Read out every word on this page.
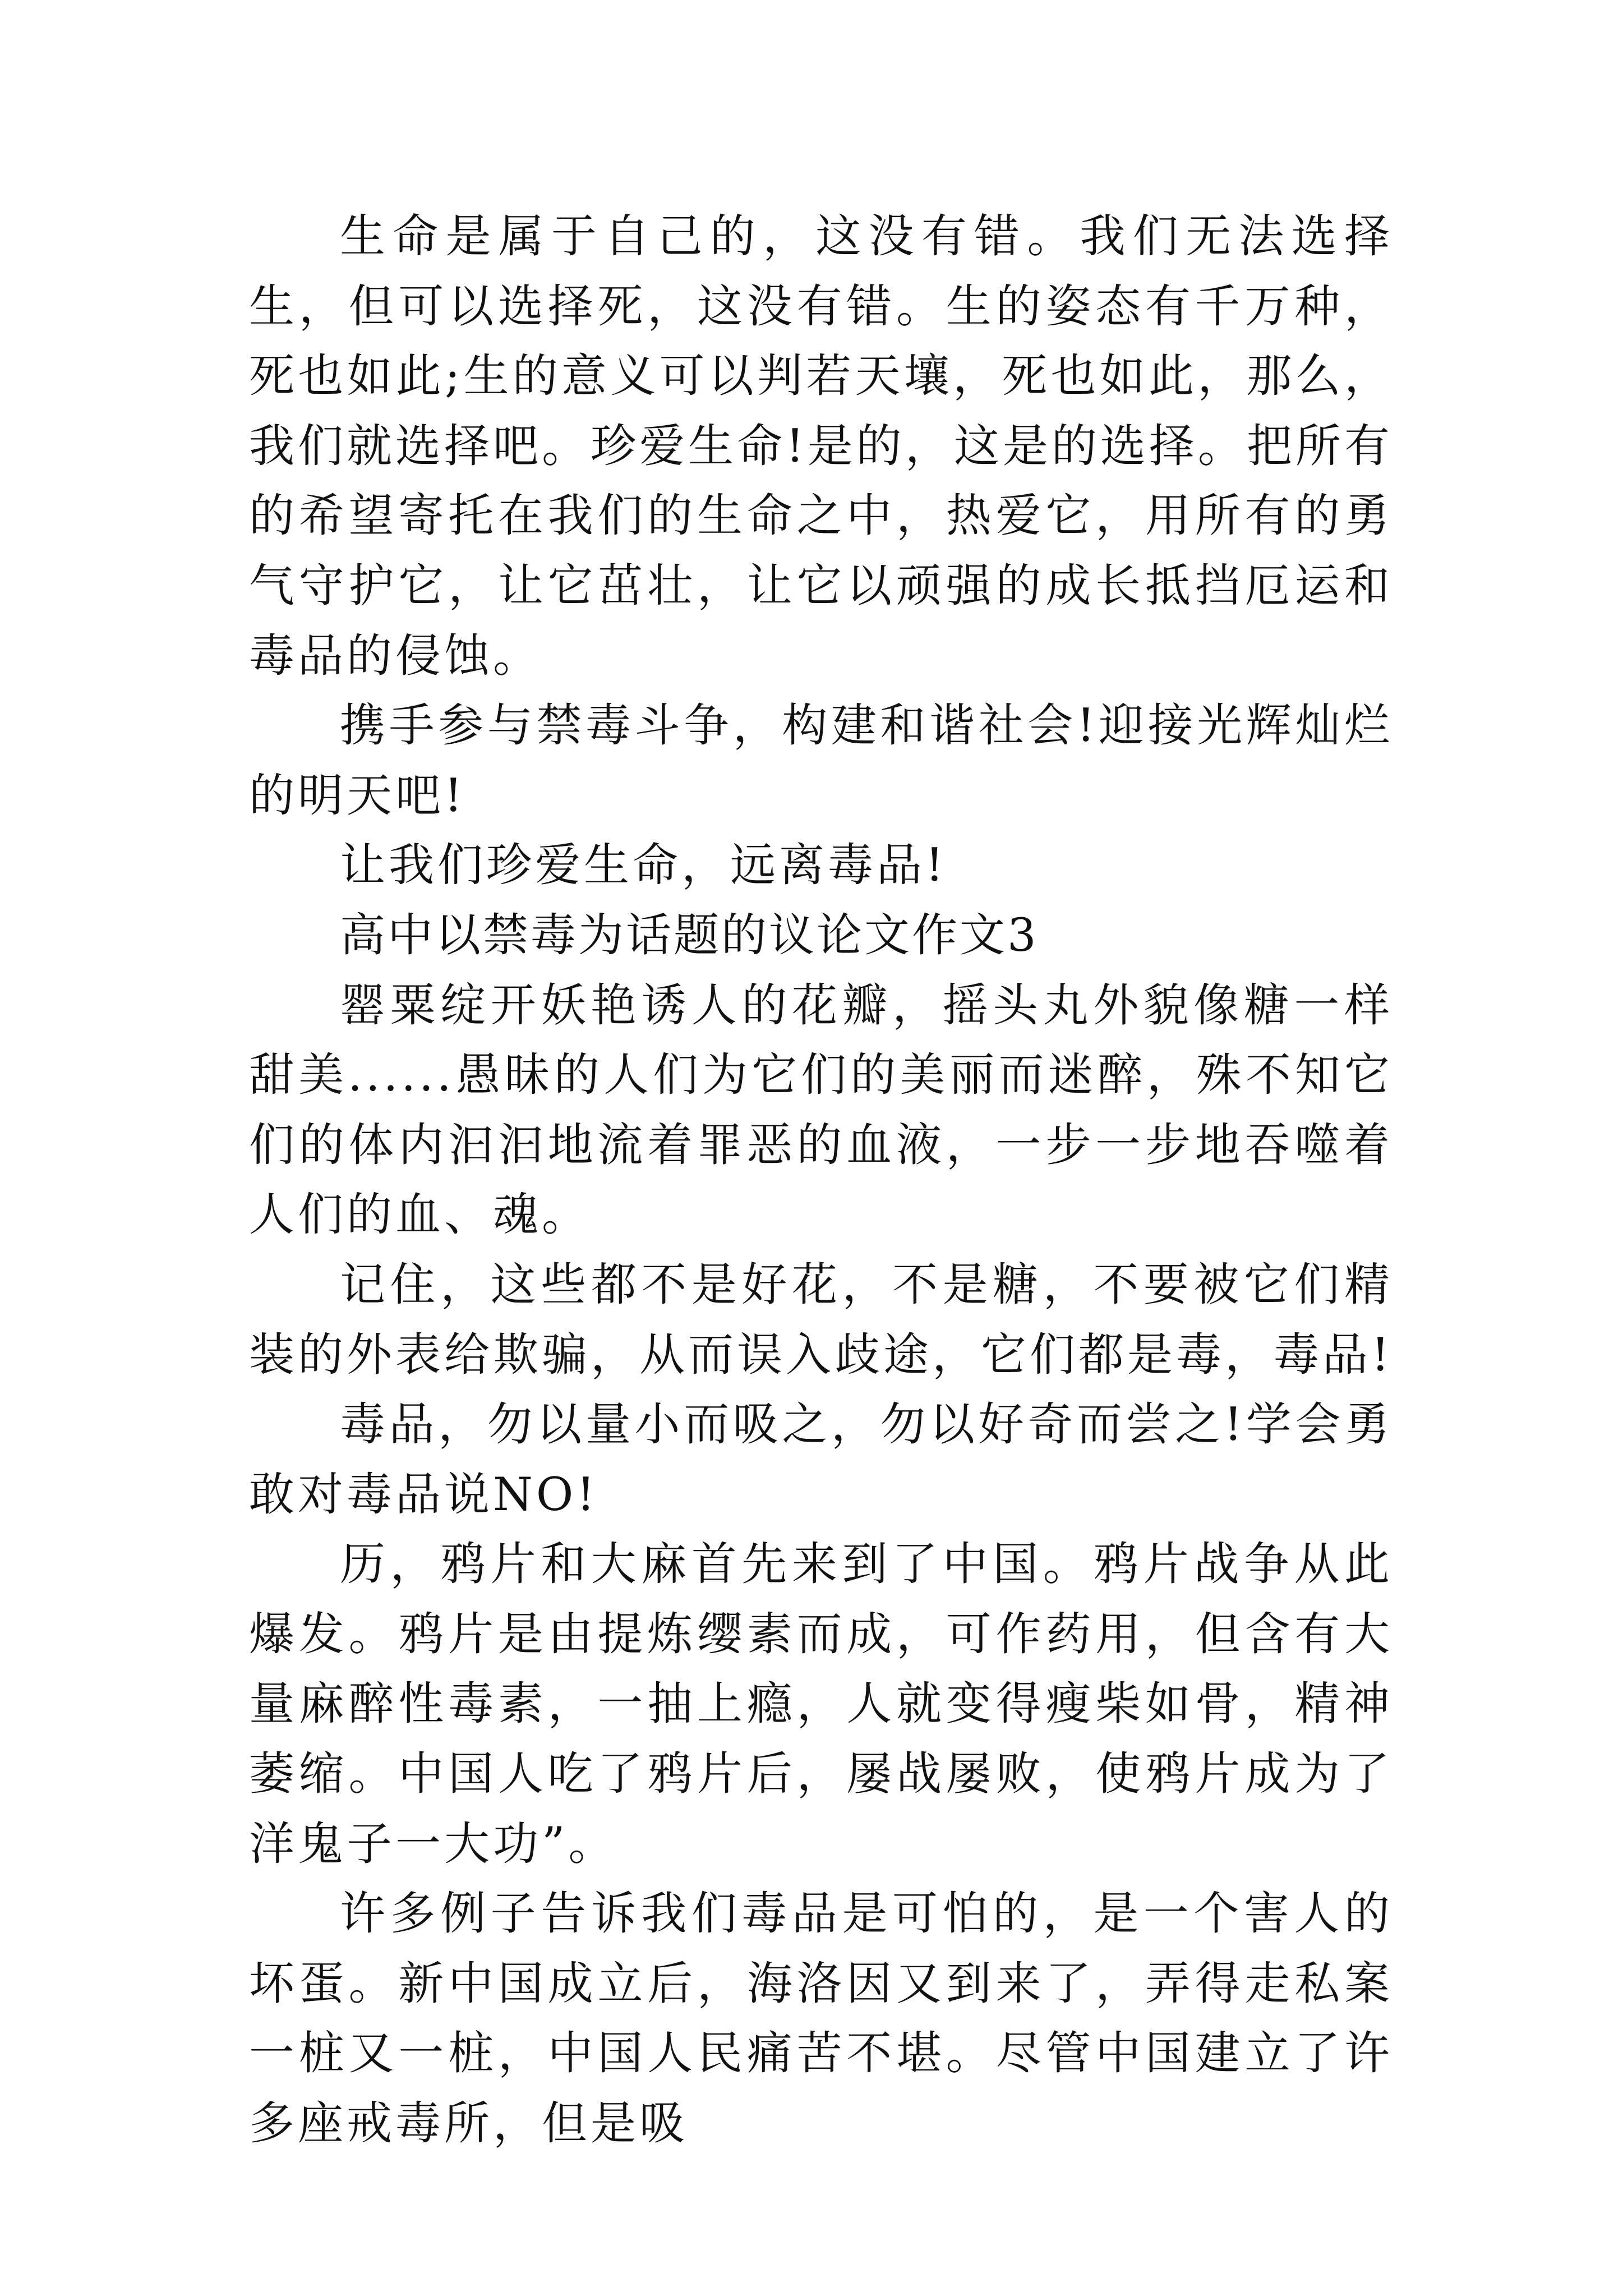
生命是属于自己的，这没有错。我们无法选择生，但可以选择死，这没有错。生的姿态有千万种，死也如此;生的意义可以判若天壤，死也如此，那么，我们就选择吧。珍爱生命!是的，这是的选择。把所有的希望寄托在我们的生命之中，热爱它，用所有的勇气守护它，让它茁壮，让它以顽强的成长抵挡厄运和毒品的侵蚀。

携手参与禁毒斗争，构建和谐社会!迎接光辉灿烂的明天吧!

让我们珍爱生命，远离毒品!

高中以禁毒为话题的议论文作文3

罂粟绽开妖艳诱人的花瓣，摇头丸外貌像糖一样甜美......愚昧的人们为它们的美丽而迷醉，殊不知它们的体内汩汩地流着罪恶的血液，一步一步地吞噬着人们的血、魂。

记住，这些都不是好花，不是糖，不要被它们精装的外表给欺骗，从而误入歧途，它们都是毒，毒品!

毒品，勿以量小而吸之，勿以好奇而尝之!学会勇敢对毒品说NO!

历，鸦片和大麻首先来到了中国。鸦片战争从此爆发。鸦片是由提炼缨素而成，可作药用，但含有大量麻醉性毒素，一抽上瘾，人就变得瘦柴如骨，精神萎缩。中国人吃了鸦片后，屡战屡败，使鸦片成为了洋鬼子一大功”。

许多例子告诉我们毒品是可怕的，是一个害人的坏蛋。新中国成立后，海洛因又到来了，弄得走私案一桩又一桩，中国人民痛苦不堪。尽管中国建立了许多座戒毒所，但是吸
